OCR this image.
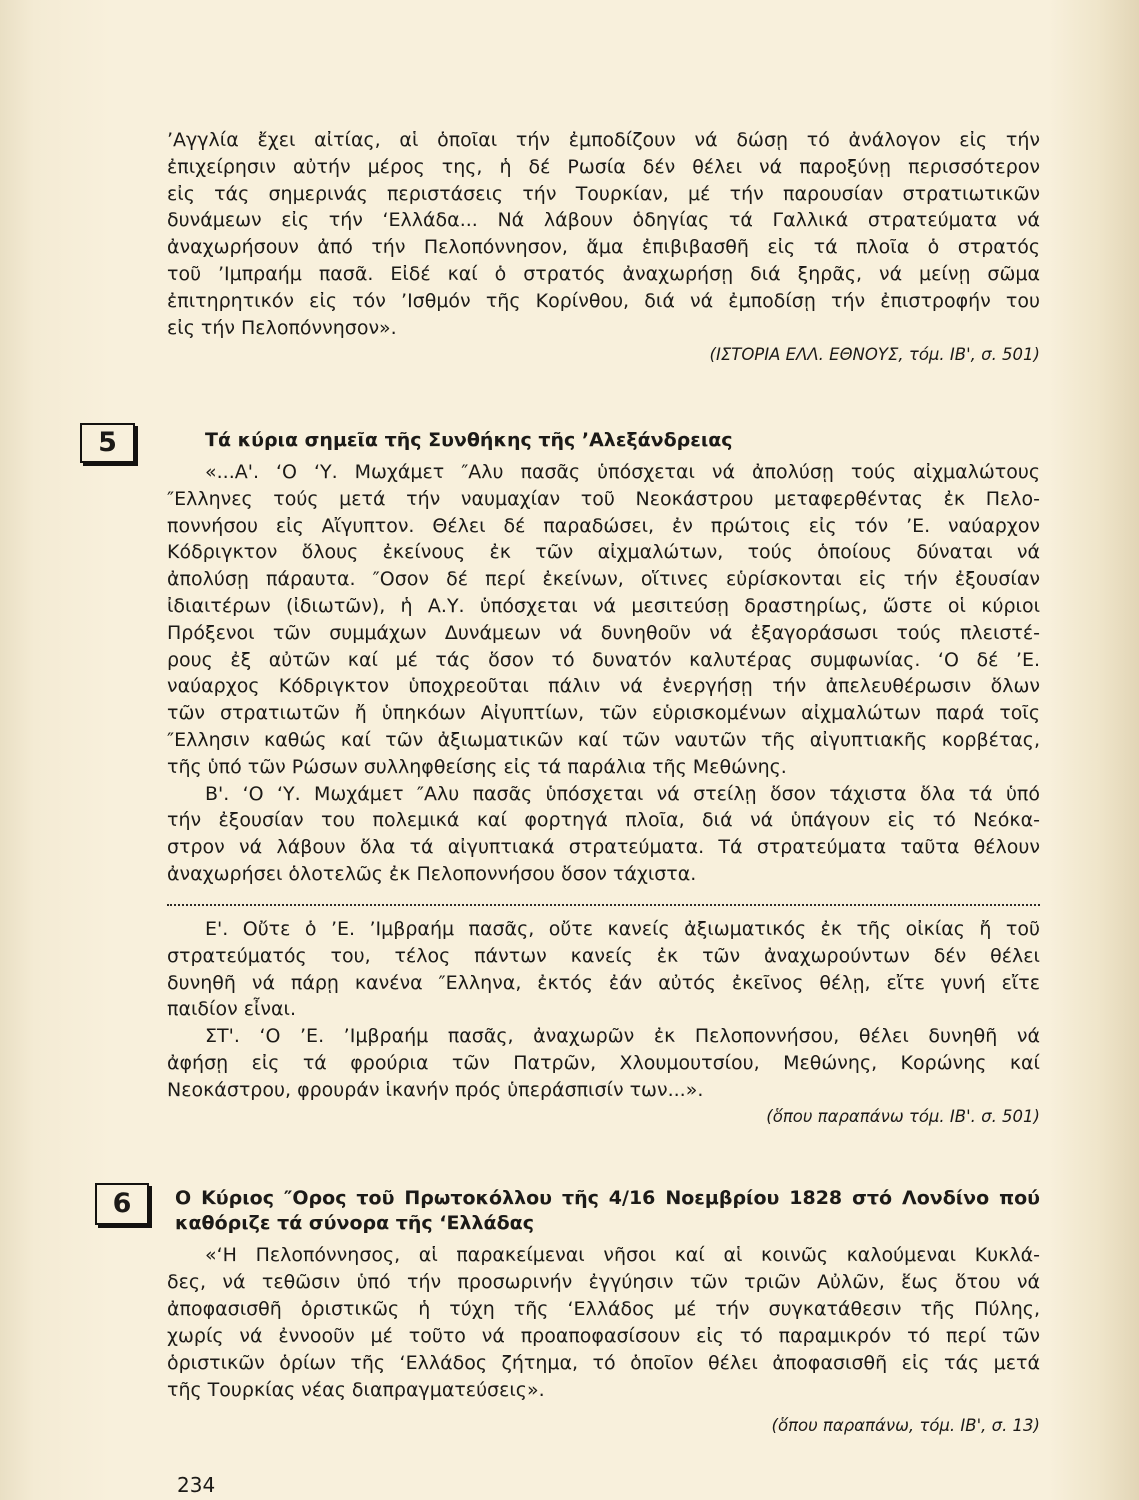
’Αγγλία ἔχει αἰτίας, αἱ ὁποῖαι τήν ἐμποδίζουν νά δώσῃ τό ἀνάλογον εἰς τήν
ἐπιχείρησιν αὐτήν μέρος της, ἡ δέ Ρωσία δέν θέλει νά παροξύνῃ περισσότερον
εἰς τάς σημερινάς περιστάσεις τήν Τουρκίαν, μέ τήν παρουσίαν στρατιωτικῶν
δυνάμεων εἰς τήν ‘Ελλάδα... Νά λάβουν ὁδηγίας τά Γαλλικά στρατεύματα νά
ἀναχωρήσουν ἀπό τήν Πελοπόννησον, ἅμα ἐπιβιβασθῆ εἰς τά πλοῖα ὁ στρατός
τοῦ ’Ιμπραήμ πασᾶ. Εἰδέ καί ὁ στρατός ἀναχωρήσῃ διά ξηρᾶς, νά μείνῃ σῶμα
ἐπιτηρητικόν εἰς τόν ’Ισθμόν τῆς Κορίνθου, διά νά ἐμποδίσῃ τήν ἐπιστροφήν του
εἰς τήν Πελοπόννησον».
(ΙΣΤΟΡΙΑ ΕΛΛ. ΕΘΝΟΥΣ, τόμ. ΙΒ', σ. 501)
5	Τά κύρια σημεῖα τῆς Συνθήκης τῆς ’Αλεξάνδρειας
«...Α'. ‘Ο ‘Υ. Μωχάμετ ″Αλυ πασᾶς ὑπόσχεται νά ἀπολύσῃ τούς αἰχμαλώτους
″Ελληνες τούς μετά τήν ναυμαχίαν τοῦ Νεοκάστρου μεταφερθέντας ἐκ Πελο-
ποννήσου εἰς Αἴγυπτον. Θέλει δέ παραδώσει, ἐν πρώτοις εἰς τόν ’Ε. ναύαρχον
Κόδριγκτον ὅλους ἐκείνους ἐκ τῶν αἰχμαλώτων, τούς ὁποίους δύναται νά
ἀπολύσῃ πάραυτα. ″Οσον δέ περί ἐκείνων, οἵτινες εὑρίσκονται εἰς τήν ἐξουσίαν
ἰδιαιτέρων (ἰδιωτῶν), ἡ Α.Υ. ὑπόσχεται νά μεσιτεύσῃ δραστηρίως, ὥστε οἱ κύριοι
Πρόξενοι τῶν συμμάχων Δυνάμεων νά δυνηθοῦν νά ἐξαγοράσωσι τούς πλειστέ-
ρους ἐξ αὐτῶν καί μέ τάς ὅσον τό δυνατόν καλυτέρας συμφωνίας. ‘Ο δέ ’Ε.
ναύαρχος Κόδριγκτον ὑποχρεοῦται πάλιν νά ἐνεργήσῃ τήν ἀπελευθέρωσιν ὅλων
τῶν στρατιωτῶν ἤ ὑπηκόων Αἰγυπτίων, τῶν εὑρισκομένων αἰχμαλώτων παρά τοῖς
″Ελλησιν καθώς καί τῶν ἀξιωματικῶν καί τῶν ναυτῶν τῆς αἰγυπτιακῆς κορβέτας,
τῆς ὑπό τῶν Ρώσων συλληφθείσης εἰς τά παράλια τῆς Μεθώνης.
Β'. ‘Ο ‘Υ. Μωχάμετ ″Αλυ πασᾶς ὑπόσχεται νά στείλῃ ὅσον τάχιστα ὅλα τά ὑπό
τήν ἐξουσίαν του πολεμικά καί φορτηγά πλοῖα, διά νά ὑπάγουν εἰς τό Νεόκα-
στρον νά λάβουν ὅλα τά αἰγυπτιακά στρατεύματα. Τά στρατεύματα ταῦτα θέλουν
ἀναχωρήσει ὁλοτελῶς ἐκ Πελοποννήσου ὅσον τάχιστα.
Ε'. Οὔτε ὁ ’Ε. ’Ιμβραήμ πασᾶς, οὔτε κανείς ἀξιωματικός ἐκ τῆς οἰκίας ἤ τοῦ
στρατεύματός του, τέλος πάντων κανείς ἐκ τῶν ἀναχωρούντων δέν θέλει
δυνηθῆ νά πάρῃ κανένα ″Ελληνα, ἐκτός ἐάν αὐτός ἐκεῖνος θέλῃ, εἴτε γυνή εἴτε
παιδίον εἶναι.
ΣΤ'. ‘Ο ’Ε. ’Ιμβραήμ πασᾶς, ἀναχωρῶν ἐκ Πελοποννήσου, θέλει δυνηθῆ νά
ἀφήσῃ εἰς τά φρούρια τῶν Πατρῶν, Χλουμουτσίου, Μεθώνης, Κορώνης καί
Νεοκάστρου, φρουράν ἱκανήν πρός ὑπεράσπισίν των...».
(ὅπου παραπάνω τόμ. ΙΒ'. σ. 501)
6	Ο Κύριος ″Ορος τοῦ Πρωτοκόλλου τῆς 4/16 Νοεμβρίου 1828 στό Λονδίνο πού
καθόριζε τά σύνορα τῆς ‘Ελλάδας
«‘Η Πελοπόννησος, αἱ παρακείμεναι νῆσοι καί αἱ κοινῶς καλούμεναι Κυκλά-
δες, νά τεθῶσιν ὑπό τήν προσωρινήν ἐγγύησιν τῶν τριῶν Αὐλῶν, ἕως ὅτου νά
ἀποφασισθῆ ὁριστικῶς ἡ τύχη τῆς ‘Ελλάδος μέ τήν συγκατάθεσιν τῆς Πύλης,
χωρίς νά ἐννοοῦν μέ τοῦτο νά προαποφασίσουν εἰς τό παραμικρόν τό περί τῶν
ὁριστικῶν ὁρίων τῆς ‘Ελλάδος ζήτημα, τό ὁποῖον θέλει ἀποφασισθῆ εἰς τάς μετά
τῆς Τουρκίας νέας διαπραγματεύσεις».
(ὅπου παραπάνω, τόμ. ΙΒ', σ. 13)
234
